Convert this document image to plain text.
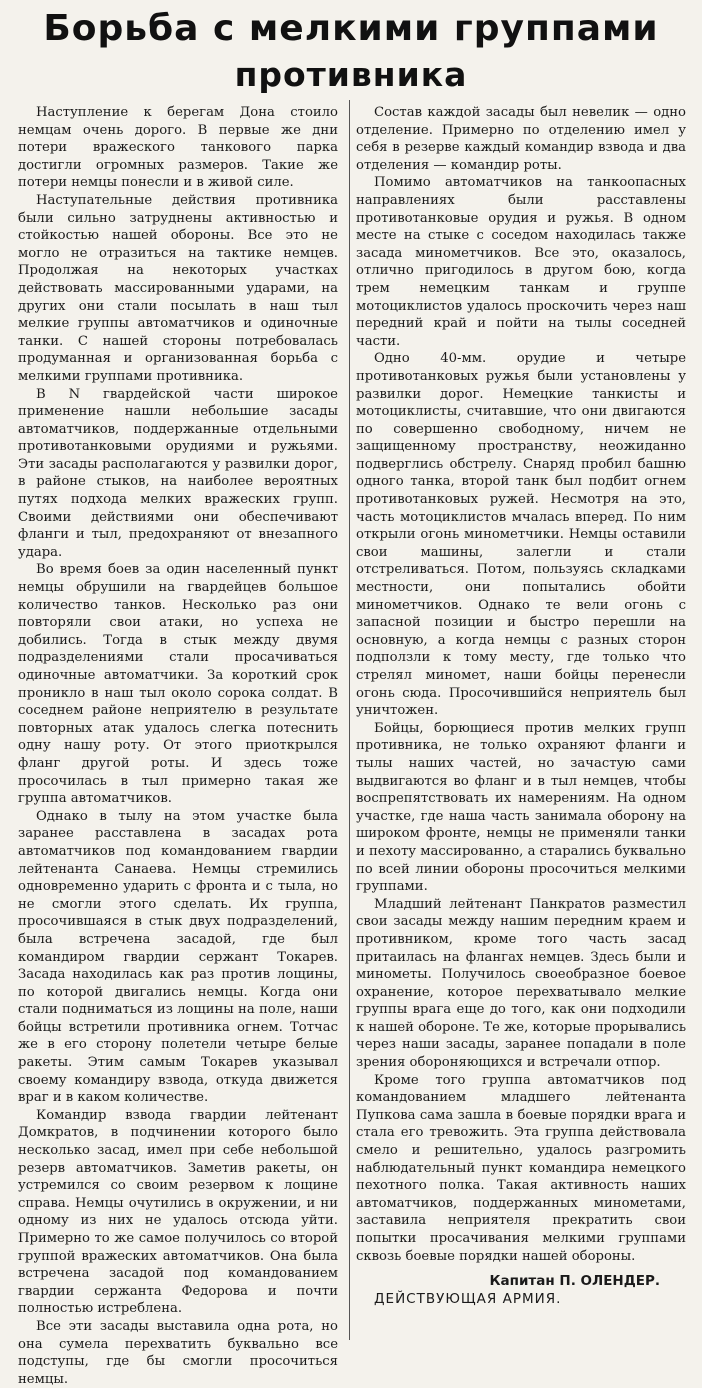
Борьба с мелкими группами
противника

Наступление к берегам Дона стоило немцам очень дорого. В первые же дни потери вражеского танкового парка достигли огромных размеров. Такие же потери немцы понесли и в живой силе.

Наступательные действия противника были сильно затруднены активностью и стойкостью нашей обороны. Все это не могло не отразиться на тактике немцев. Продолжая на некоторых участках действовать массированными ударами, на других они стали посылать в наш тыл мелкие группы автоматчиков и одиночные танки. С нашей стороны потребовалась продуманная и организованная борьба с мелкими группами противника.

В N гвардейской части широкое применение нашли небольшие засады автоматчиков, поддержанные отдельными противотанковыми орудиями и ружьями. Эти засады располагаются у развилки дорог, в районе стыков, на наиболее вероятных путях подхода мелких вражеских групп. Своими действиями они обеспечивают фланги и тыл, предохраняют от внезапного удара.

Во время боев за один населенный пункт немцы обрушили на гвардейцев большое количество танков. Несколько раз они повторяли свои атаки, но успеха не добились. Тогда в стык между двумя подразделениями стали просачиваться одиночные автоматчики. За короткий срок проникло в наш тыл около сорока солдат. В соседнем районе неприятелю в результате повторных атак удалось слегка потеснить одну нашу роту. От этого приоткрылся фланг другой роты. И здесь тоже просочилась в тыл примерно такая же группа автоматчиков.

Однако в тылу на этом участке была заранее расставлена в засадах рота автоматчиков под командованием гвардии лейтенанта Санаева. Немцы стремились одновременно ударить с фронта и с тыла, но не смогли этого сделать. Их группа, просочившаяся в стык двух подразделений, была встречена засадой, где был командиром гвардии сержант Токарев. Засада находилась как раз против лощины, по которой двигались немцы. Когда они стали подниматься из лощины на поле, наши бойцы встретили противника огнем. Тотчас же в его сторону полетели четыре белые ракеты. Этим самым Токарев указывал своему командиру взвода, откуда движется враг и в каком количестве.

Командир взвода гвардии лейтенант Домкратов, в подчинении которого было несколько засад, имел при себе небольшой резерв автоматчиков. Заметив ракеты, он устремился со своим резервом к лощине справа. Немцы очутились в окружении, и ни одному из них не удалось отсюда уйти. Примерно то же самое получилось со второй группой вражеских автоматчиков. Она была встречена засадой под командованием гвардии сержанта Федорова и почти полностью истреблена.

Все эти засады выставила одна рота, но она сумела перехватить буквально все подступы, где бы смогли просочиться немцы.

Состав каждой засады был невелик — одно отделение. Примерно по отделению имел у себя в резерве каждый командир взвода и два отделения — командир роты.

Помимо автоматчиков на танкоопасных направлениях были расставлены противотанковые орудия и ружья. В одном месте на стыке с соседом находилась также засада минометчиков. Все это, оказалось, отлично пригодилось в другом бою, когда трем немецким танкам и группе мотоциклистов удалось проскочить через наш передний край и пойти на тылы соседней части.

Одно 40-мм. орудие и четыре противотанковых ружья были установлены у развилки дорог. Немецкие танкисты и мотоциклисты, считавшие, что они двигаются по совершенно свободному, ничем не защищенному пространству, неожиданно подверглись обстрелу. Снаряд пробил башню одного танка, второй танк был подбит огнем противотанковых ружей. Несмотря на это, часть мотоциклистов мчалась вперед. По ним открыли огонь минометчики. Немцы оставили свои машины, залегли и стали отстреливаться. Потом, пользуясь складками местности, они попытались обойти минометчиков. Однако те вели огонь с запасной позиции и быстро перешли на основную, а когда немцы с разных сторон подползли к тому месту, где только что стрелял миномет, наши бойцы перенесли огонь сюда. Просочившийся неприятель был уничтожен.

Бойцы, борющиеся против мелких групп противника, не только охраняют фланги и тылы наших частей, но зачастую сами выдвигаются во фланг и в тыл немцев, чтобы воспрепятствовать их намерениям. На одном участке, где наша часть занимала оборону на широком фронте, немцы не применяли танки и пехоту массированно, а старались буквально по всей линии обороны просочиться мелкими группами.

Младший лейтенант Панкратов разместил свои засады между нашим передним краем и противником, кроме того часть засад притаилась на флангах немцев. Здесь были и минометы. Получилось своеобразное боевое охранение, которое перехватывало мелкие группы врага еще до того, как они подходили к нашей обороне. Те же, которые прорывались через наши засады, заранее попадали в поле зрения обороняющихся и встречали отпор.

Кроме того группа автоматчиков под командованием младшего лейтенанта Пупкова сама зашла в боевые порядки врага и стала его тревожить. Эта группа действовала смело и решительно, удалось разгромить наблюдательный пункт командира немецкого пехотного полка. Такая активность наших автоматчиков, поддержанных минометами, заставила неприятеля прекратить свои попытки просачивания мелкими группами сквозь боевые порядки нашей обороны.

Капитан П. ОЛЕНДЕР.

ДЕЙСТВУЮЩАЯ АРМИЯ.
